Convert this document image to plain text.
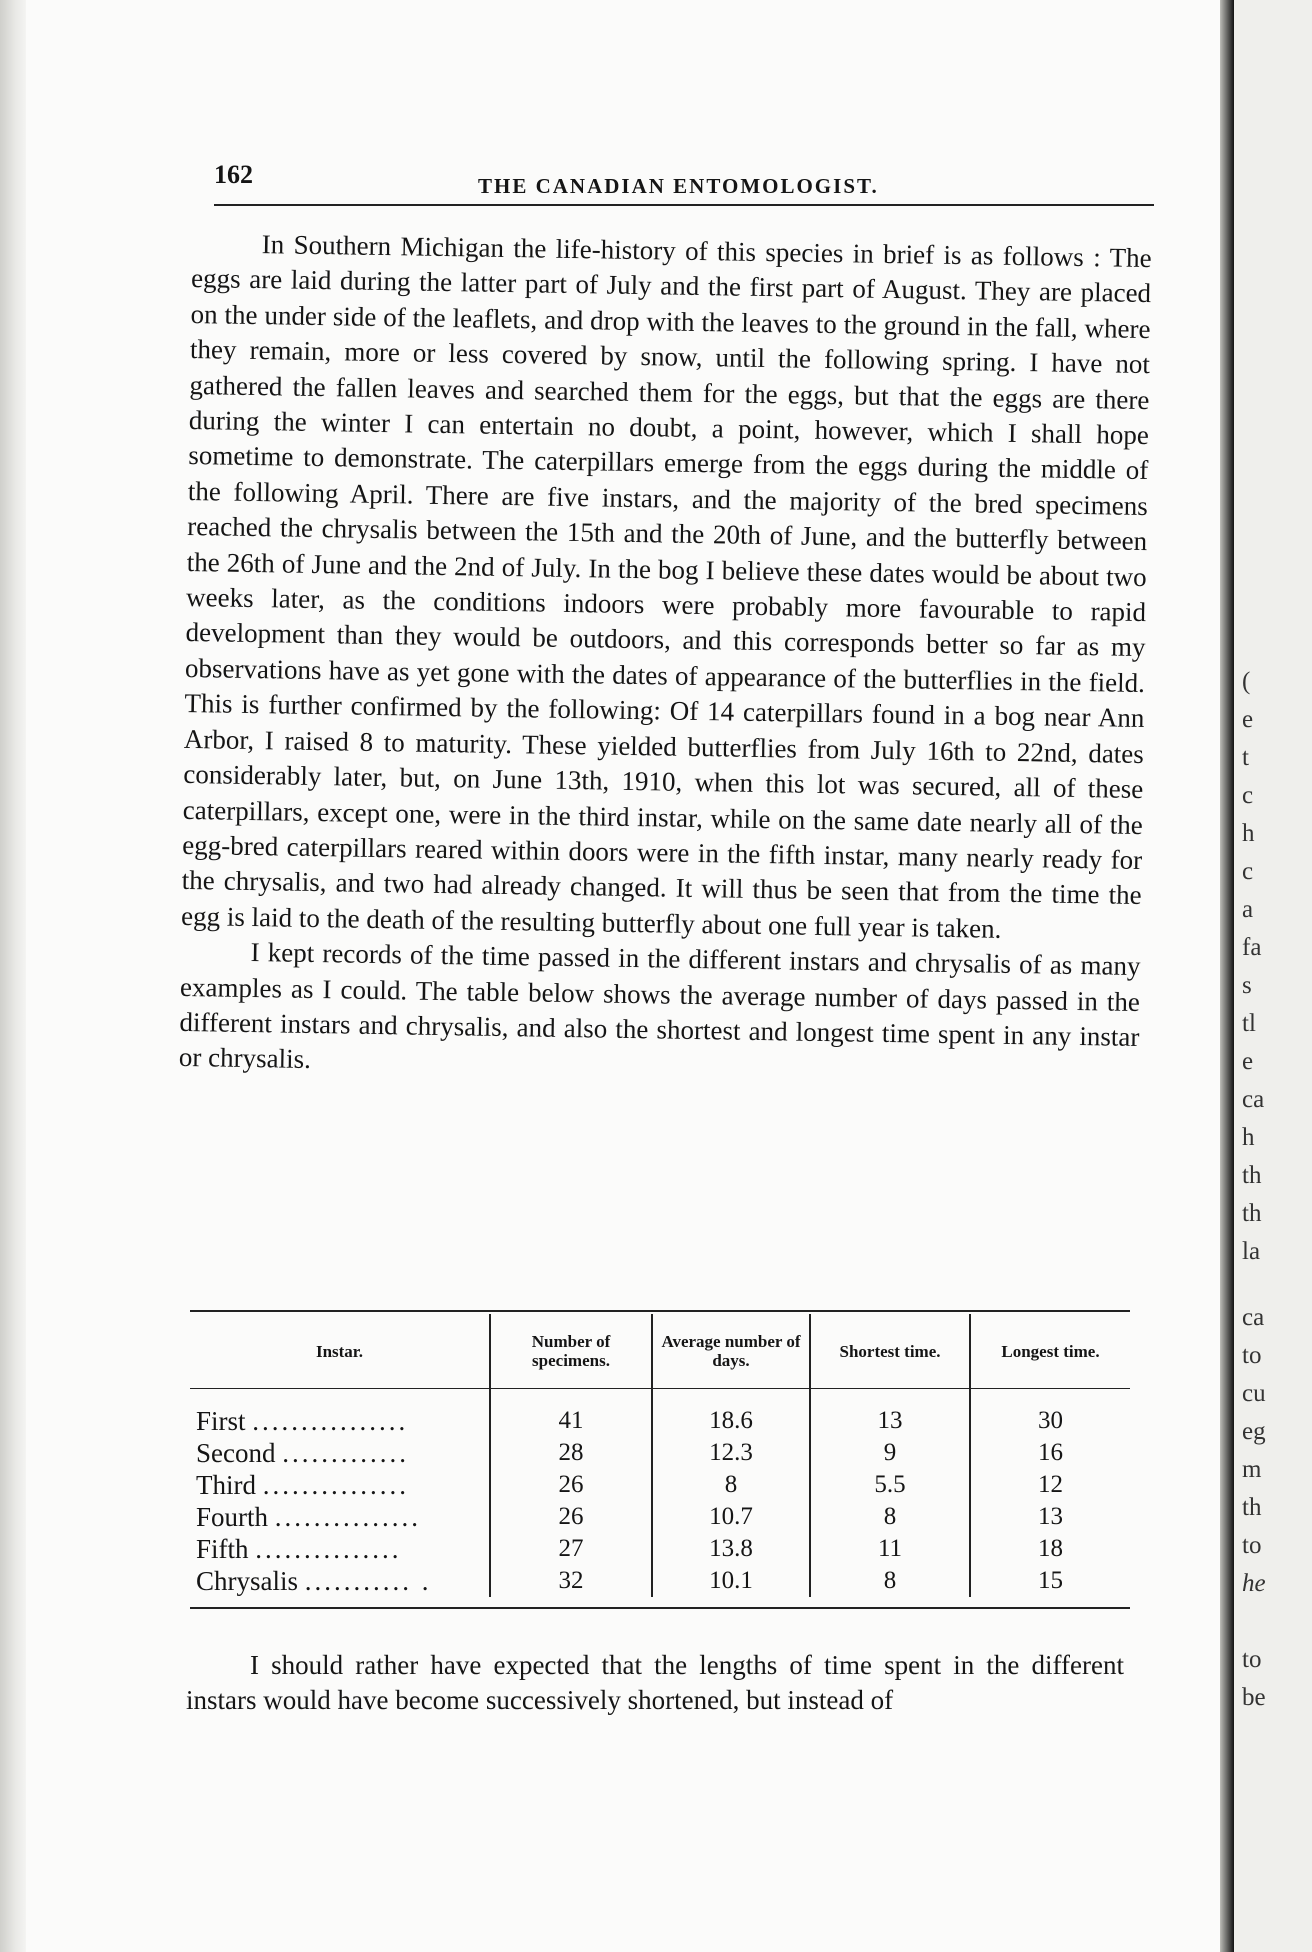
162	THE CANADIAN ENTOMOLOGIST.

In Southern Michigan the life-history of this species in brief is as follows : The eggs are laid during the latter part of July and the first part of August. They are placed on the under side of the leaflets, and drop with the leaves to the ground in the fall, where they remain, more or less covered by snow, until the following spring. I have not gathered the fallen leaves and searched them for the eggs, but that the eggs are there during the winter I can entertain no doubt, a point, however, which I shall hope sometime to demonstrate. The caterpillars emerge from the eggs during the middle of the following April. There are five instars, and the majority of the bred specimens reached the chrysalis between the 15th and the 20th of June, and the butterfly between the 26th of June and the 2nd of July. In the bog I believe these dates would be about two weeks later, as the conditions indoors were probably more favourable to rapid development than they would be outdoors, and this corresponds better so far as my observations have as yet gone with the dates of appearance of the butterflies in the field. This is further confirmed by the following: Of 14 caterpillars found in a bog near Ann Arbor, I raised 8 to maturity. These yielded butterflies from July 16th to 22nd, dates considerably later, but, on June 13th, 1910, when this lot was secured, all of these caterpillars, except one, were in the third instar, while on the same date nearly all of the egg-bred caterpillars reared within doors were in the fifth instar, many nearly ready for the chrysalis, and two had already changed. It will thus be seen that from the time the egg is laid to the death of the resulting butterfly about one full year is taken.

I kept records of the time passed in the different instars and chrysalis of as many examples as I could. The table below shows the average number of days passed in the different instars and chrysalis, and also the shortest and longest time spent in any instar or chrysalis.

Instar.	Number of specimens.	Average number of days.	Shortest time.	Longest time.
First ................	41	18.6	13	30
Second .............	28	12.3	9	16
Third ...............	26	8	5.5	12
Fourth ...............	26	10.7	8	13
Fifth ...............	27	13.8	11	18
Chrysalis ........... .	32	10.1	8	15

I should rather have expected that the lengths of time spent in the different instars would have become successively shortened, but instead of

(
e
t
c
h
c
a
fa
s
tl
e
ca
h
th
th
la
ca
to
cu
eg
m
th
to
he
to
be
